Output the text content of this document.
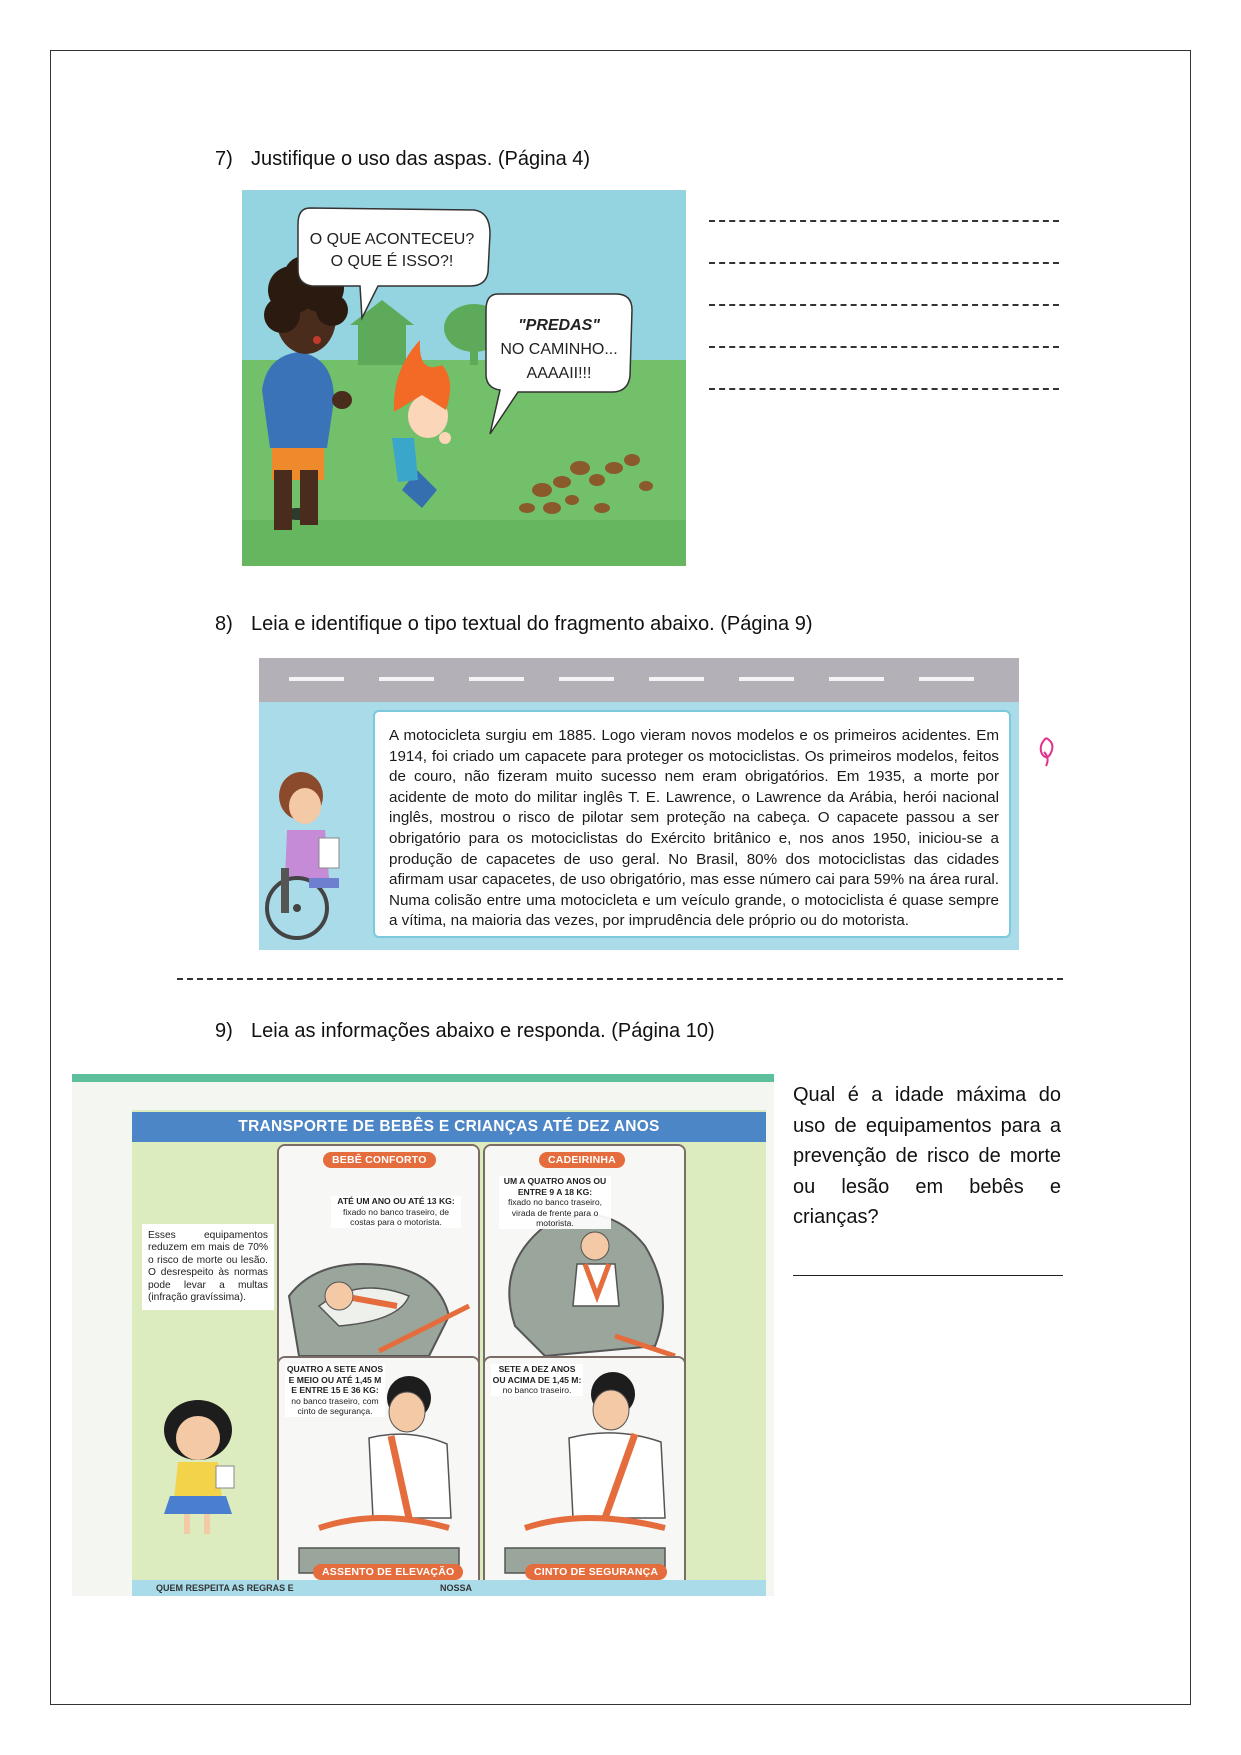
7) Justifique o uso das aspas. (Página 4)
O QUE ACONTECEU?
O QUE É ISSO?!
"PREDAS"
NO CAMINHO...
AAAAII!!!
8) Leia e identifique o tipo textual do fragmento abaixo. (Página 9)
A motocicleta surgiu em 1885. Logo vieram novos modelos e os primeiros acidentes. Em 1914, foi criado um capacete para proteger os motociclistas. Os primeiros modelos, feitos de couro, não fizeram muito sucesso nem eram obrigatórios. Em 1935, a morte por acidente de moto do militar inglês T. E. Lawrence, o Lawrence da Arábia, herói nacional inglês, mostrou o risco de pilotar sem proteção na cabeça. O capacete passou a ser obrigatório para os motociclistas do Exército britânico e, nos anos 1950, iniciou-se a produção de capacetes de uso geral. No Brasil, 80% dos motociclistas das cidades afirmam usar capacetes, de uso obrigatório, mas esse número cai para 59% na área rural. Numa colisão entre uma motocicleta e um veículo grande, o motociclista é quase sempre a vítima, na maioria das vezes, por imprudência dele próprio ou do motorista.
9) Leia as informações abaixo e responda. (Página 10)
TRANSPORTE DE BEBÊS E CRIANÇAS ATÉ DEZ ANOS
Esses equipamentos reduzem em mais de 70% o risco de morte ou lesão. O desrespeito às normas pode levar a multas (infração gravíssima).
BEBÊ CONFORTO
ATÉ UM ANO OU ATÉ 13 KG:
fixado no banco traseiro, de costas para o motorista.
CADEIRINHA
UM A QUATRO ANOS OU ENTRE 9 A 18 KG:
fixado no banco traseiro, virada de frente para o motorista.
QUATRO A SETE ANOS E MEIO OU ATÉ 1,45 M E ENTRE 15 E 36 KG:
no banco traseiro, com cinto de segurança.
ASSENTO DE ELEVAÇÃO
SETE A DEZ ANOS OU ACIMA DE 1,45 M:
no banco traseiro.
CINTO DE SEGURANÇA
QUEM RESPEITA AS REGRAS E	NOSSA
Qual é a idade máxima do uso de equipamentos para a prevenção de risco de morte ou lesão em bebês e crianças?
